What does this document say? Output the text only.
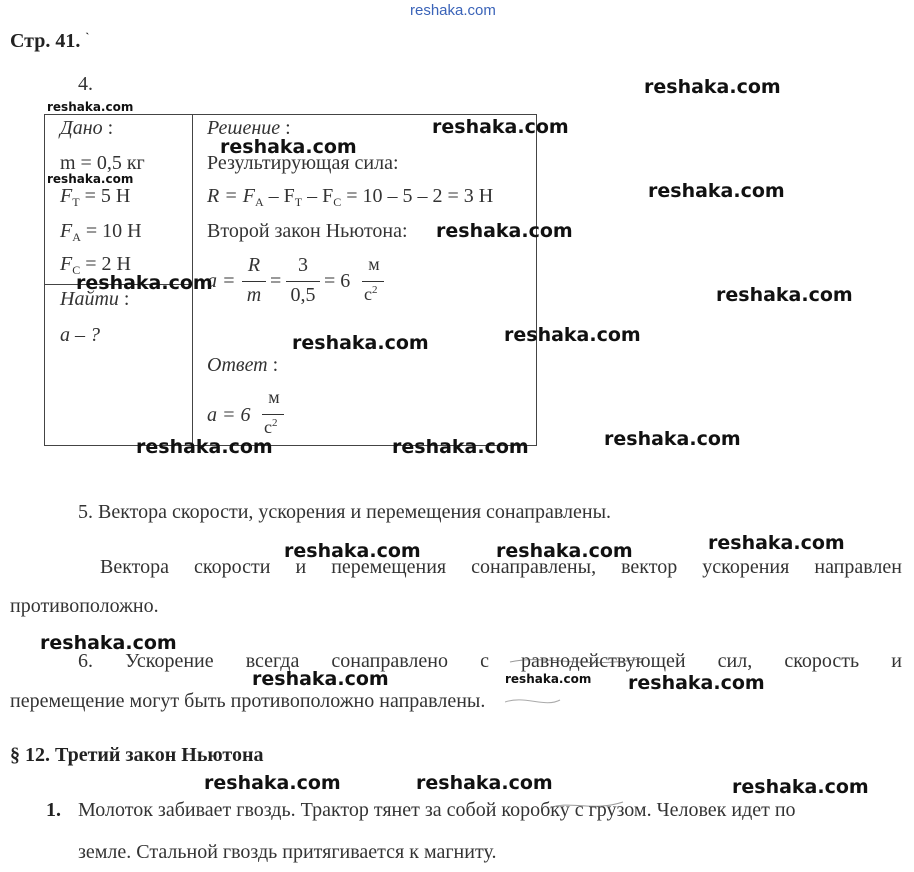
reshaka.com
Стр. 41. `
4.
Дано :
m = 0,5 кг
$F_T = 5$ Н
$F_A = 10$ Н
$F_C = 2$ Н
Найти :
a – ?
Решение :
Результирующая сила:
$R = F_A - F_T - F_C = 10 - 5 - 2 = 3$ Н
Второй закон Ньютона:
a =
R
m
=
3
0,5
= 6
м
$с^2$
Ответ :
a = 6
м
$с^2$
5. Вектора скорости, ускорения и перемещения сонаправлены.
Вектора скорости и перемещения сонаправлены, вектор ускорения направлен
противоположно.
6. Ускорение всегда сонаправлено с равнодействующей сил, скорость и
перемещение могут быть противоположно направлены.
§ 12. Третий закон Ньютона
1. Молоток забивает гвоздь. Трактор тянет за собой коробку с грузом. Человек идет по
земле. Стальной гвоздь притягивается к магниту.
reshaka.com
reshaka.com
reshaka.com
reshaka.com
reshaka.com
reshaka.com
reshaka.com
reshaka.com
reshaka.com
reshaka.com
reshaka.com
reshaka.com
reshaka.com	reshaka.com
reshaka.com
reshaka.com	reshaka.com
reshaka.com
reshaka.com
reshaka.com	reshaka.com
reshaka.com	reshaka.com	reshaka.com
